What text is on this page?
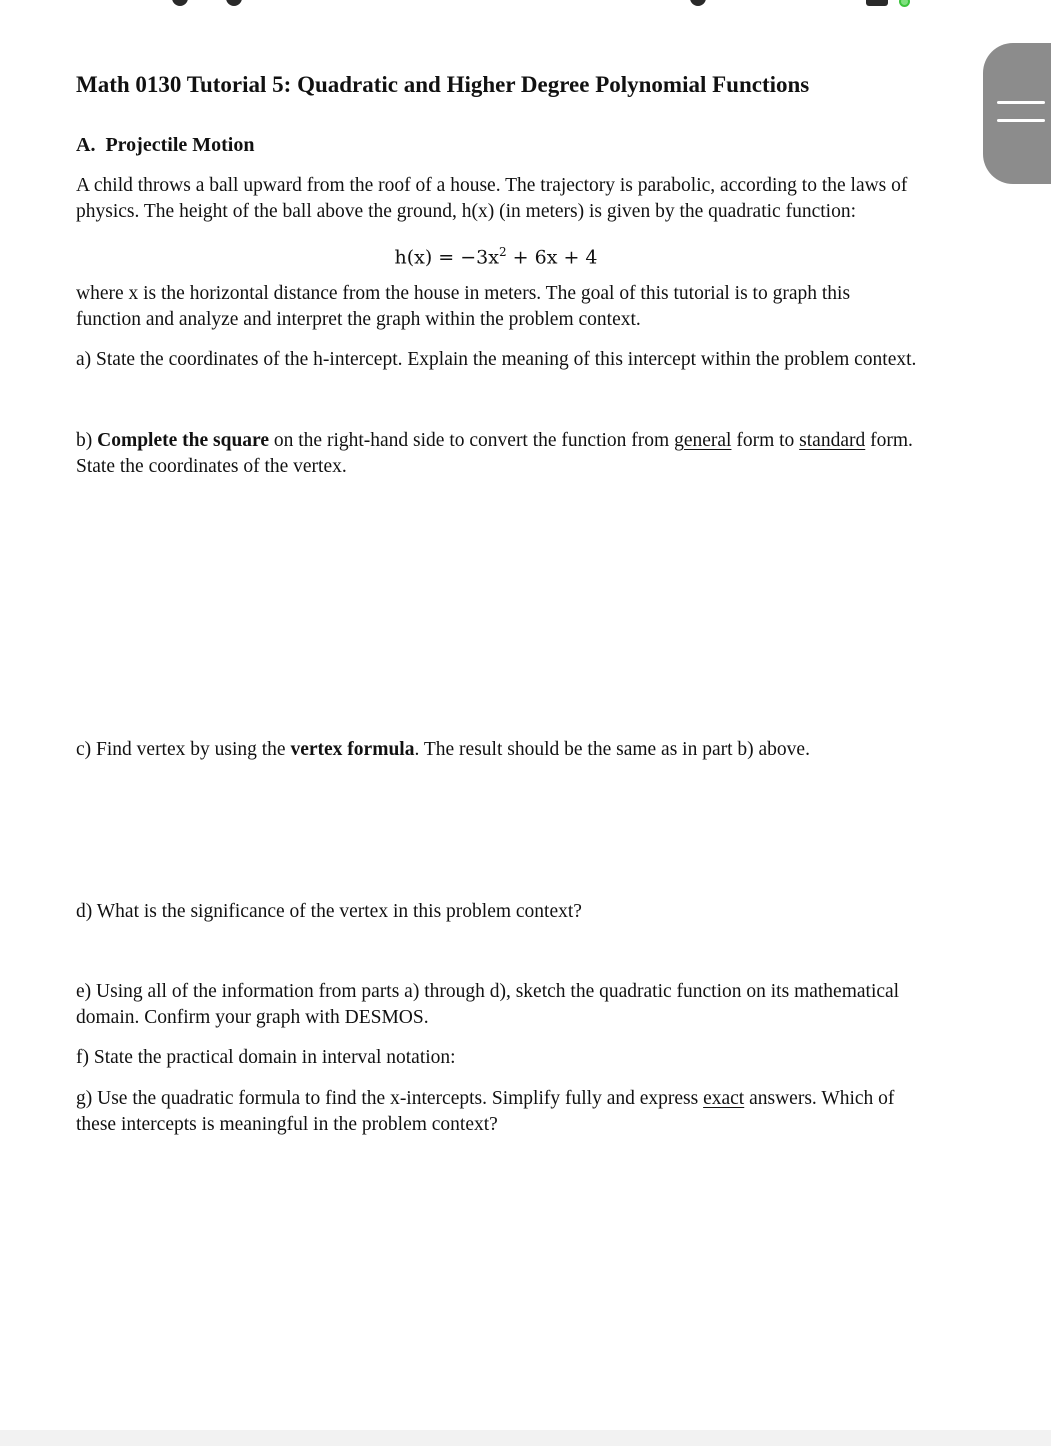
Math 0130 Tutorial 5: Quadratic and Higher Degree Polynomial Functions
A. Projectile Motion

A child throws a ball upward from the roof of a house. The trajectory is parabolic, according to the laws of

physics. The height of the ball above the ground, h(x) (in meters) is given by the quadratic function:

$h(x) = -3x^2 + 6x + 4$

where x is the horizontal distance from the house in meters. The goal of this tutorial is to graph this

function and analyze and interpret the graph within the problem context.

a) State the coordinates of the h-intercept. Explain the meaning of this intercept within the problem context.

b) Complete the square on the right-hand side to convert the function from general form to standard form.

State the coordinates of the vertex.

c) Find vertex by using the vertex formula. The result should be the same as in part b) above.

d) What is the significance of the vertex in this problem context?

e) Using all of the information from parts a) through d), sketch the quadratic function on its mathematical

domain. Confirm your graph with DESMOS.

f) State the practical domain in interval notation:

g) Use the quadratic formula to find the x-intercepts. Simplify fully and express exact answers. Which of

these intercepts is meaningful in the problem context?
